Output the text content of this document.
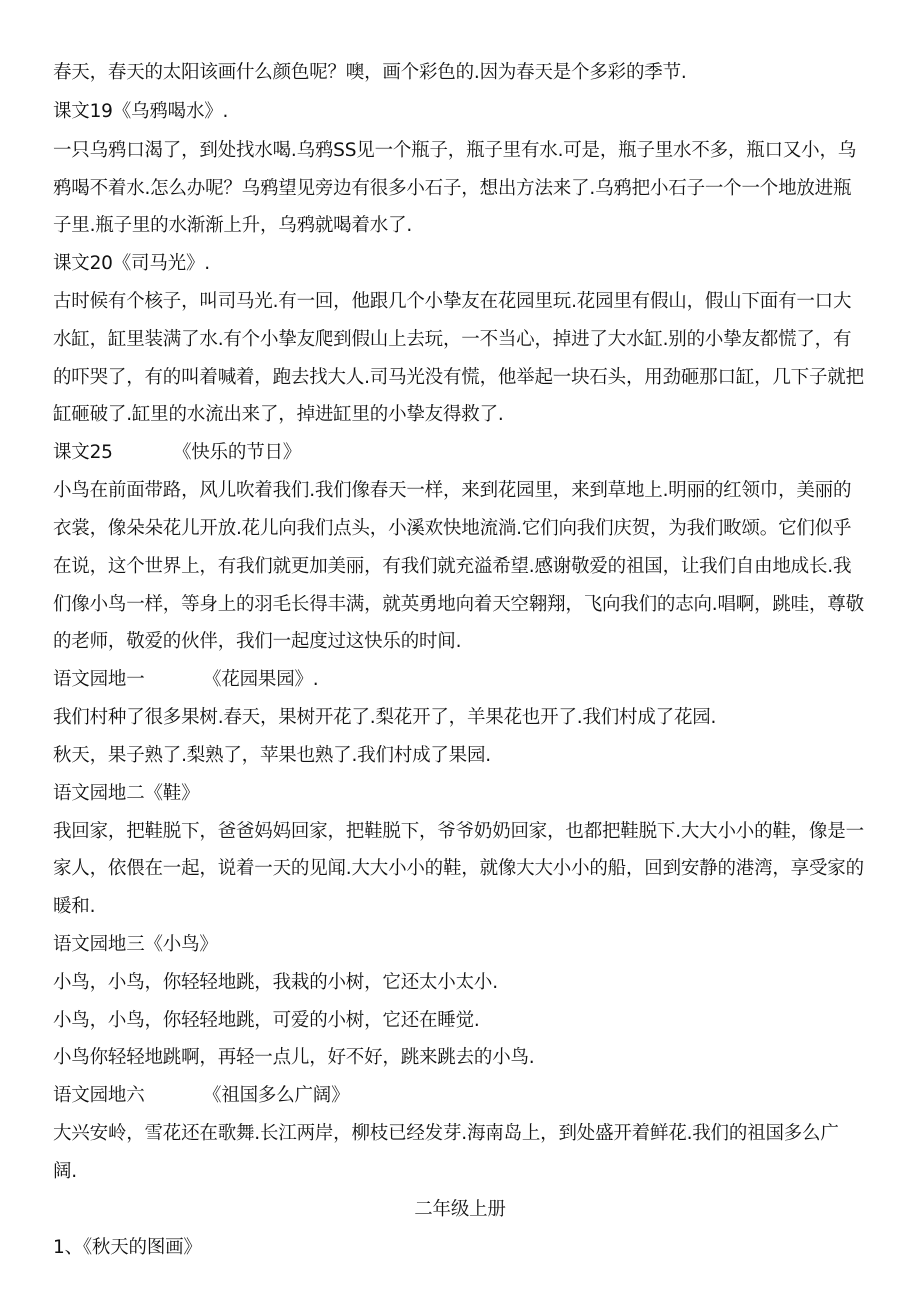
春天，春天的太阳该画什么颜色呢？噢，画个彩色的.因为春天是个多彩的季节.
课文19《乌鸦喝水》.
一只乌鸦口渴了，到处找水喝.乌鸦SS见一个瓶子，瓶子里有水.可是，瓶子里水不多，瓶口又小，乌
鸦喝不着水.怎么办呢？乌鸦望见旁边有很多小石子，想出方法来了.乌鸦把小石子一个一个地放进瓶
子里.瓶子里的水渐渐上升，乌鸦就喝着水了.
课文20《司马光》.
古时候有个核子，叫司马光.有一回，他跟几个小挚友在花园里玩.花园里有假山，假山下面有一口大
水缸，缸里装满了水.有个小挚友爬到假山上去玩，一不当心，掉进了大水缸.别的小挚友都慌了，有
的吓哭了，有的叫着喊着，跑去找大人.司马光没有慌，他举起一块石头，用劲砸那口缸，几下子就把
缸砸破了.缸里的水流出来了，掉进缸里的小挚友得救了.
课文25	《快乐的节日》
小鸟在前面带路，风儿吹着我们.我们像春天一样，来到花园里，来到草地上.明丽的红领巾，美丽的
衣裳，像朵朵花儿开放.花儿向我们点头，小溪欢快地流淌.它们向我们庆贺，为我们畋颂。它们似乎
在说，这个世界上，有我们就更加美丽，有我们就充溢希望.感谢敬爱的祖国，让我们自由地成长.我
们像小鸟一样，等身上的羽毛长得丰满，就英勇地向着天空翱翔，飞向我们的志向.唱啊，跳哇，尊敬
的老师，敬爱的伙伴，我们一起度过这快乐的时间.
语文园地一	《花园果园》.
我们村种了很多果树.春天，果树开花了.梨花开了，羊果花也开了.我们村成了花园.
秋天，果子熟了.梨熟了，苹果也熟了.我们村成了果园.
语文园地二《鞋》
我回家，把鞋脱下，爸爸妈妈回家，把鞋脱下，爷爷奶奶回家，也都把鞋脱下.大大小小的鞋，像是一
家人，依偎在一起，说着一天的见闻.大大小小的鞋，就像大大小小的船，回到安静的港湾，享受家的
暖和.
语文园地三《小鸟》
小鸟，小鸟，你轻轻地跳，我栽的小树，它还太小太小.
小鸟，小鸟，你轻轻地跳，可爱的小树，它还在睡觉.
小鸟你轻轻地跳啊，再轻一点儿，好不好，跳来跳去的小鸟.
语文园地六	《祖国多么广阔》
大兴安岭，雪花还在歌舞.长江两岸，柳枝已经发芽.海南岛上，到处盛开着鲜花.我们的祖国多么广
阔.
二年级上册
1、《秋天的图画》
